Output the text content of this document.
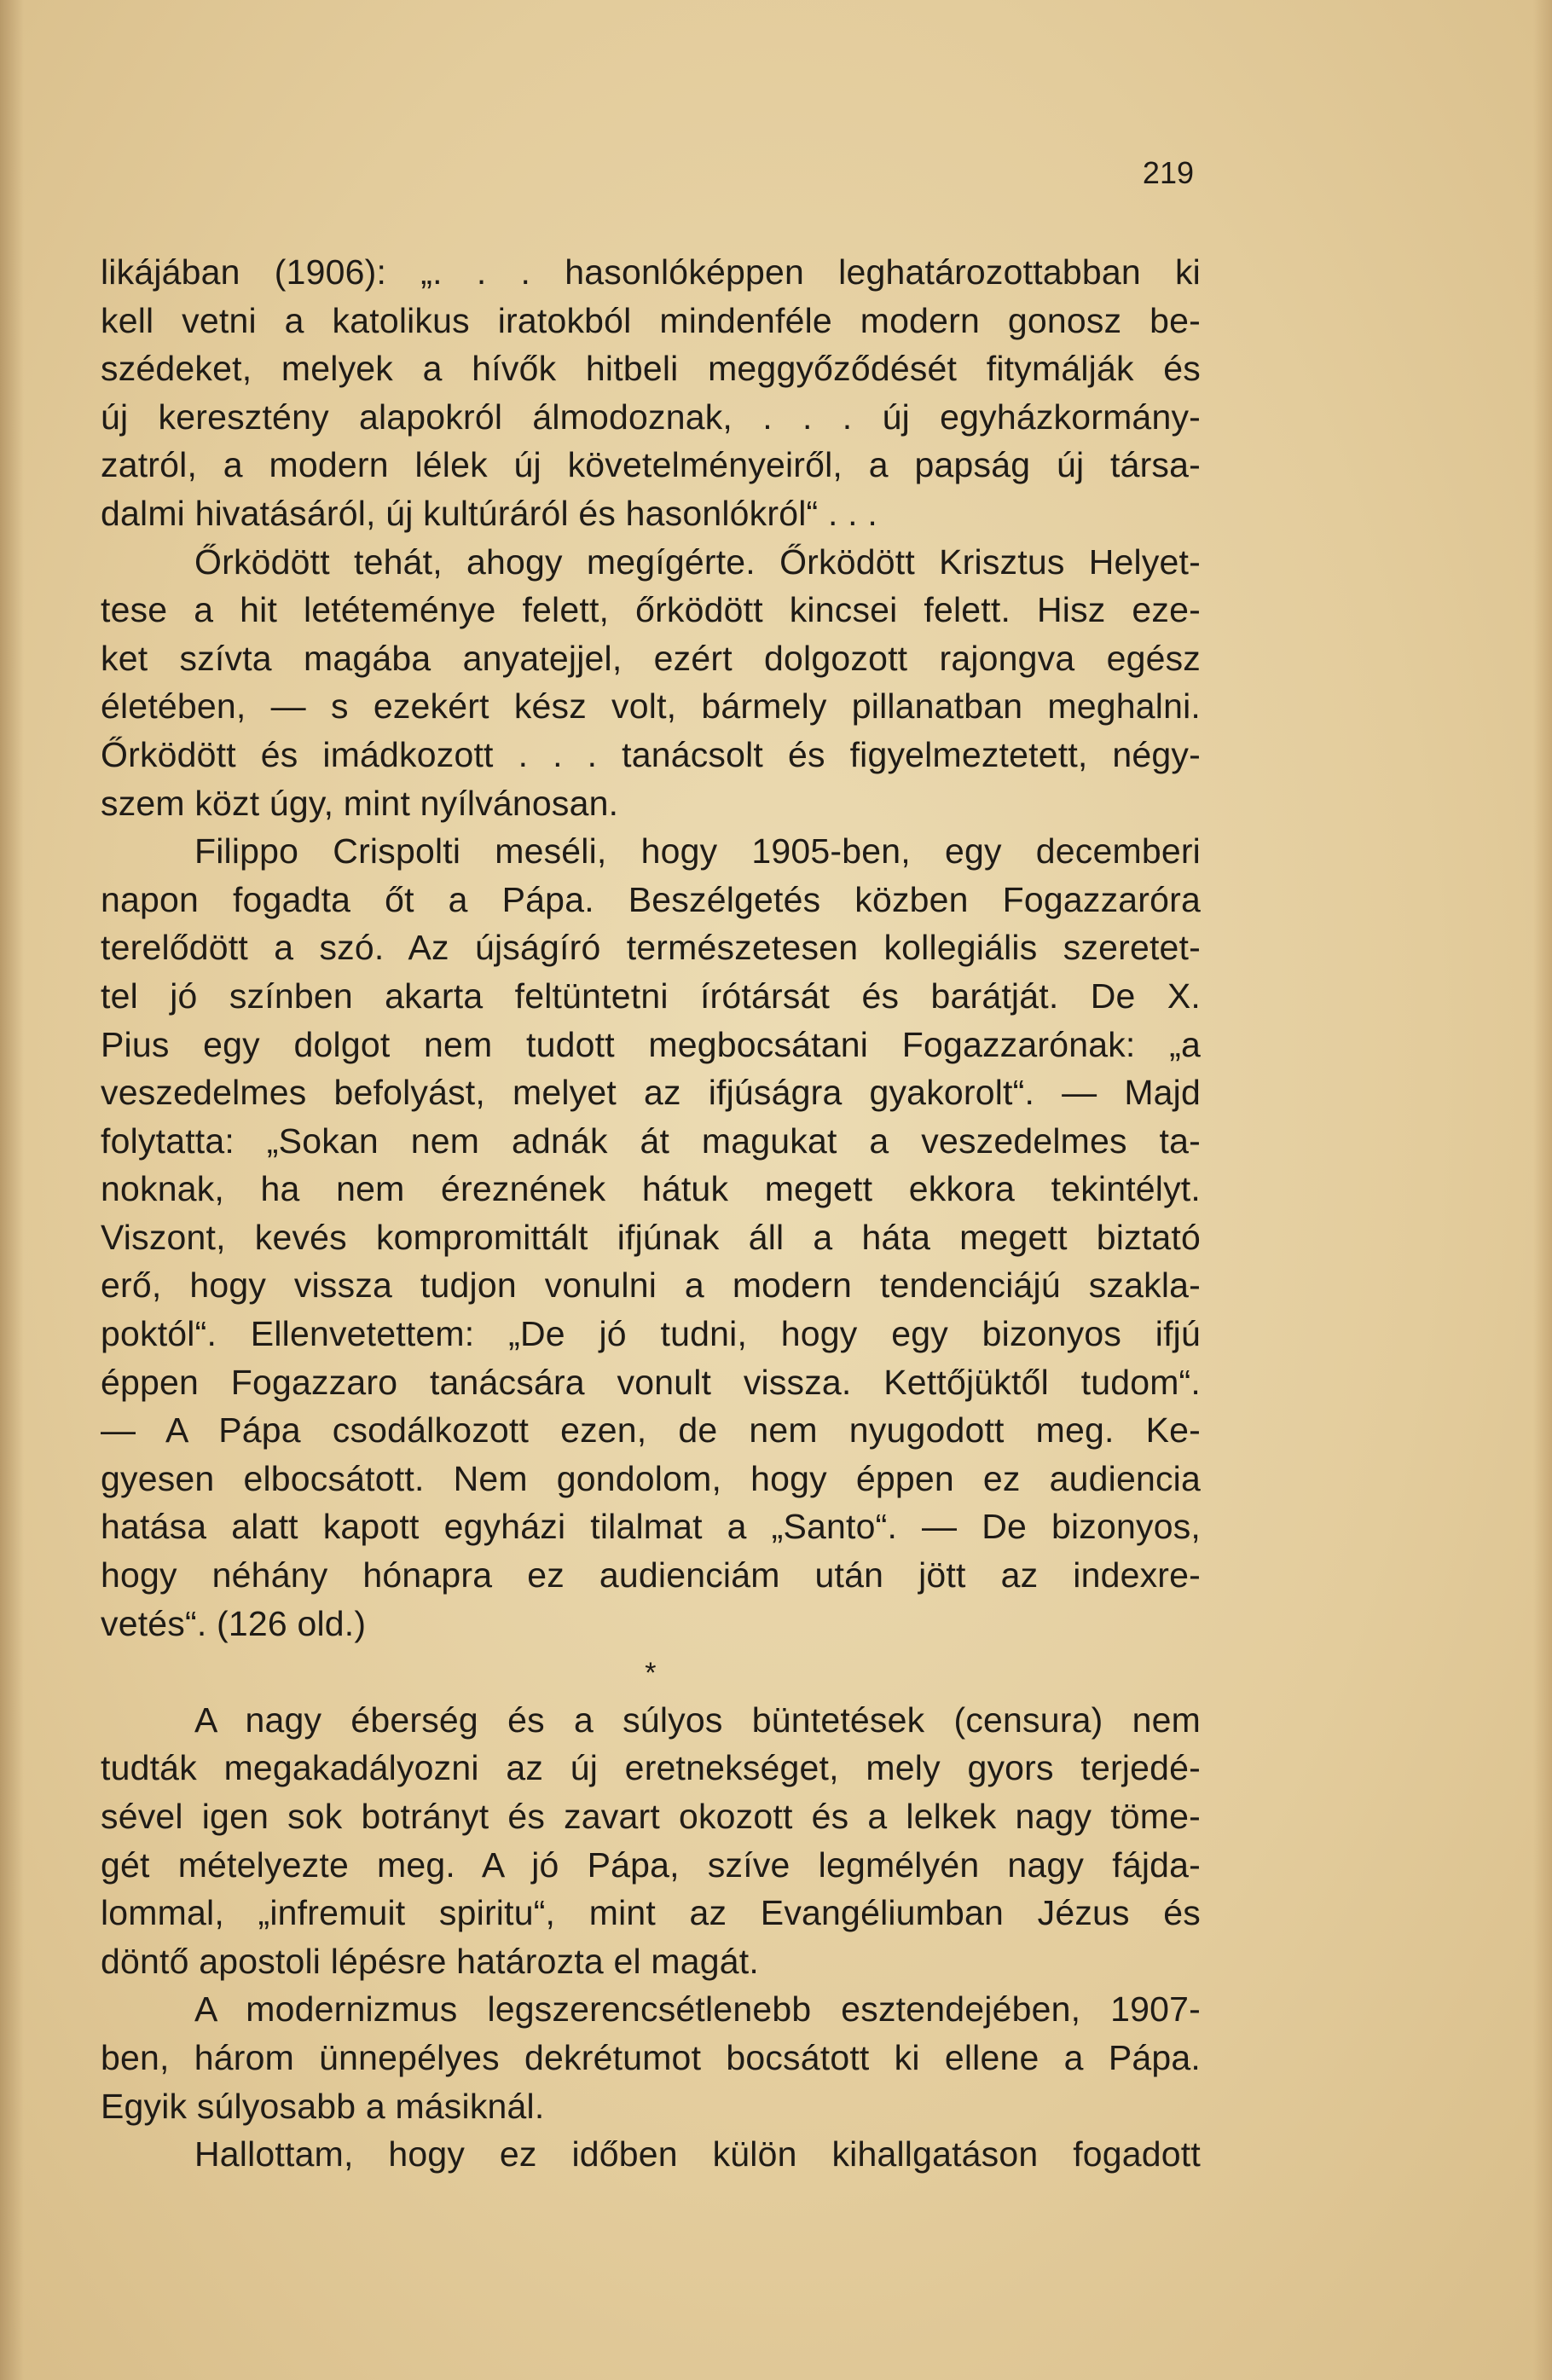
219
likájában (1906): „. . . hasonlóképpen leghatározottabban ki
kell vetni a katolikus iratokból mindenféle modern gonosz be-
szédeket, melyek a hívők hitbeli meggyőződését fitymálják és
új keresztény alapokról álmodoznak, . . . új egyházkormány-
zatról, a modern lélek új követelményeiről, a papság új társa-
dalmi hivatásáról, új kultúráról és hasonlókról“ . . .
Őrködött tehát, ahogy megígérte. Őrködött Krisztus Helyet-
tese a hit letéteménye felett, őrködött kincsei felett. Hisz eze-
ket szívta magába anyatejjel, ezért dolgozott rajongva egész
életében, — s ezekért kész volt, bármely pillanatban meghalni.
Őrködött és imádkozott . . . tanácsolt és figyelmeztetett, négy-
szem közt úgy, mint nyílvánosan.
Filippo Crispolti meséli, hogy 1905-ben, egy decemberi
napon fogadta őt a Pápa. Beszélgetés közben Fogazzaróra
terelődött a szó. Az újságíró természetesen kollegiális szeretet-
tel jó színben akarta feltüntetni írótársát és barátját. De X.
Pius egy dolgot nem tudott megbocsátani Fogazzarónak: „a
veszedelmes befolyást, melyet az ifjúságra gyakorolt“. — Majd
folytatta: „Sokan nem adnák át magukat a veszedelmes ta-
noknak, ha nem éreznének hátuk megett ekkora tekintélyt.
Viszont, kevés kompromittált ifjúnak áll a háta megett biztató
erő, hogy vissza tudjon vonulni a modern tendenciájú szakla-
poktól“. Ellenvetettem: „De jó tudni, hogy egy bizonyos ifjú
éppen Fogazzaro tanácsára vonult vissza. Kettőjüktől tudom“.
— A Pápa csodálkozott ezen, de nem nyugodott meg. Ke-
gyesen elbocsátott. Nem gondolom, hogy éppen ez audiencia
hatása alatt kapott egyházi tilalmat a „Santo“. — De bizonyos,
hogy néhány hónapra ez audienciám után jött az indexre-
vetés“. (126 old.)
*
A nagy éberség és a súlyos büntetések (censura) nem
tudták megakadályozni az új eretnekséget, mely gyors terjedé-
sével igen sok botrányt és zavart okozott és a lelkek nagy töme-
gét mételyezte meg. A jó Pápa, szíve legmélyén nagy fájda-
lommal, „infremuit spiritu“, mint az Evangéliumban Jézus és
döntő apostoli lépésre határozta el magát.
A modernizmus legszerencsétlenebb esztendejében, 1907-
ben, három ünnepélyes dekrétumot bocsátott ki ellene a Pápa.
Egyik súlyosabb a másiknál.
Hallottam, hogy ez időben külön kihallgatáson fogadott
